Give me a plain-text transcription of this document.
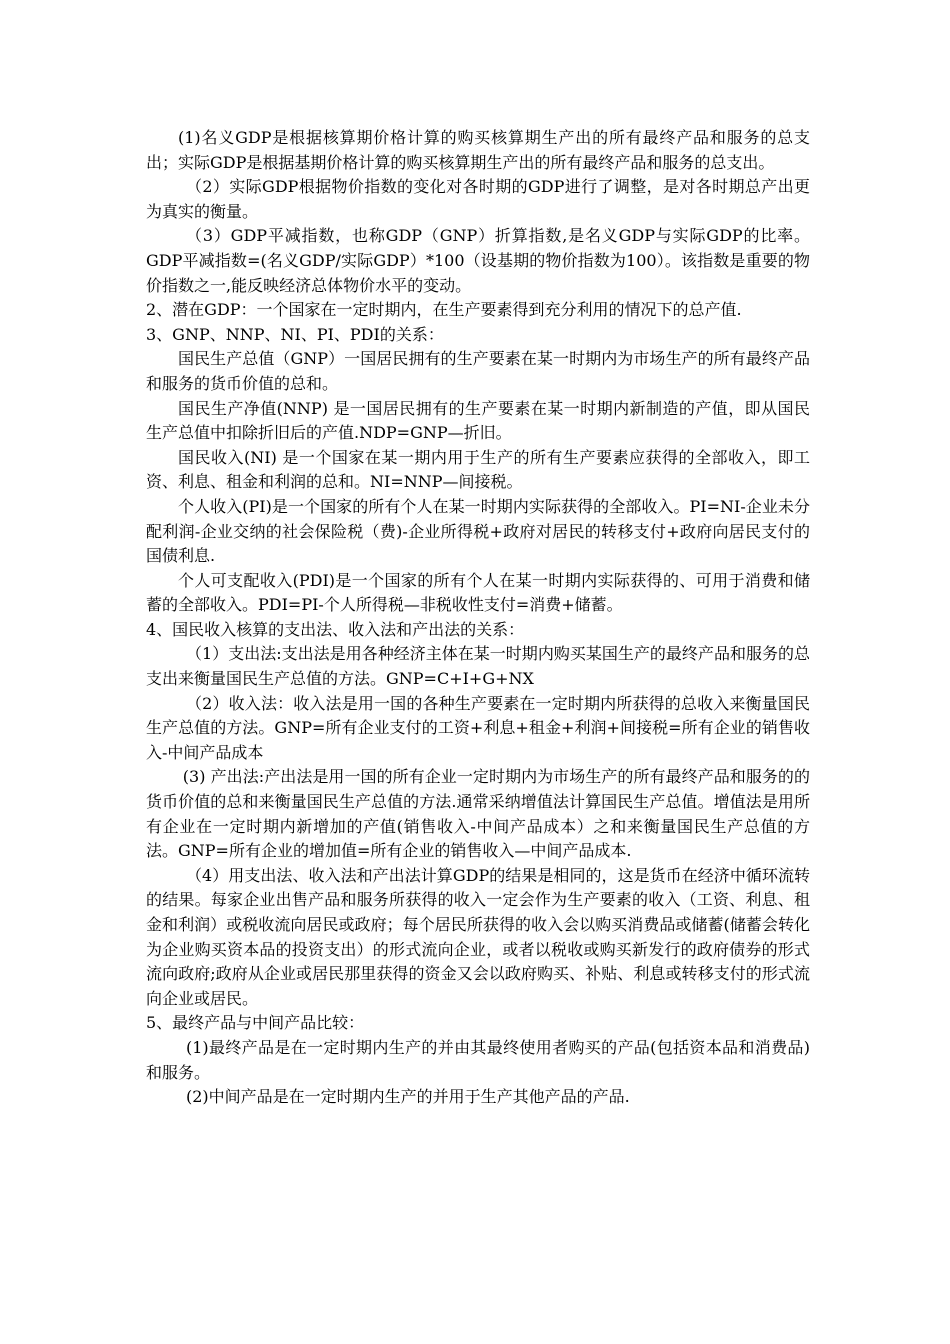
(1)名义GDP是根据核算期价格计算的购买核算期生产出的所有最终产品和服务的总支出；实际GDP是根据基期价格计算的购买核算期生产出的所有最终产品和服务的总支出。

（2）实际GDP根据物价指数的变化对各时期的GDP进行了调整，是对各时期总产出更为真实的衡量。

（3）GDP平减指数，也称GDP（GNP）折算指数,是名义GDP与实际GDP的比率。GDP平减指数=(名义GDP/实际GDP）*100（设基期的物价指数为100）。该指数是重要的物价指数之一,能反映经济总体物价水平的变动。

2、潜在GDP：一个国家在一定时期内，在生产要素得到充分利用的情况下的总产值.

3、GNP、NNP、NI、PI、PDI的关系：

国民生产总值（GNP）一国居民拥有的生产要素在某一时期内为市场生产的所有最终产品和服务的货币价值的总和。

国民生产净值(NNP) 是一国居民拥有的生产要素在某一时期内新制造的产值，即从国民生产总值中扣除折旧后的产值.NDP=GNP—折旧。

国民收入(NI) 是一个国家在某一期内用于生产的所有生产要素应获得的全部收入，即工资、利息、租金和利润的总和。NI=NNP—间接税。

个人收入(PI)是一个国家的所有个人在某一时期内实际获得的全部收入。PI=NI-企业未分配利润-企业交纳的社会保险税（费)-企业所得税+政府对居民的转移支付+政府向居民支付的国债利息.

个人可支配收入(PDI)是一个国家的所有个人在某一时期内实际获得的、可用于消费和储蓄的全部收入。PDI=PI-个人所得税—非税收性支付=消费+储蓄。

4、国民收入核算的支出法、收入法和产出法的关系：

（1）支出法:支出法是用各种经济主体在某一时期内购买某国生产的最终产品和服务的总支出来衡量国民生产总值的方法。GNP=C+I+G+NX

（2）收入法：收入法是用一国的各种生产要素在一定时期内所获得的总收入来衡量国民生产总值的方法。GNP=所有企业支付的工资+利息+租金+利润+间接税=所有企业的销售收入-中间产品成本

(3) 产出法:产出法是用一国的所有企业一定时期内为市场生产的所有最终产品和服务的的货币价值的总和来衡量国民生产总值的方法.通常采纳增值法计算国民生产总值。增值法是用所有企业在一定时期内新增加的产值(销售收入-中间产品成本）之和来衡量国民生产总值的方法。GNP=所有企业的增加值=所有企业的销售收入—中间产品成本.

（4）用支出法、收入法和产出法计算GDP的结果是相同的，这是货币在经济中循环流转的结果。每家企业出售产品和服务所获得的收入一定会作为生产要素的收入（工资、利息、租金和利润）或税收流向居民或政府；每个居民所获得的收入会以购买消费品或储蓄(储蓄会转化为企业购买资本品的投资支出）的形式流向企业，或者以税收或购买新发行的政府债券的形式流向政府;政府从企业或居民那里获得的资金又会以政府购买、补贴、利息或转移支付的形式流向企业或居民。

5、最终产品与中间产品比较：

(1)最终产品是在一定时期内生产的并由其最终使用者购买的产品(包括资本品和消费品)和服务。

(2)中间产品是在一定时期内生产的并用于生产其他产品的产品.
